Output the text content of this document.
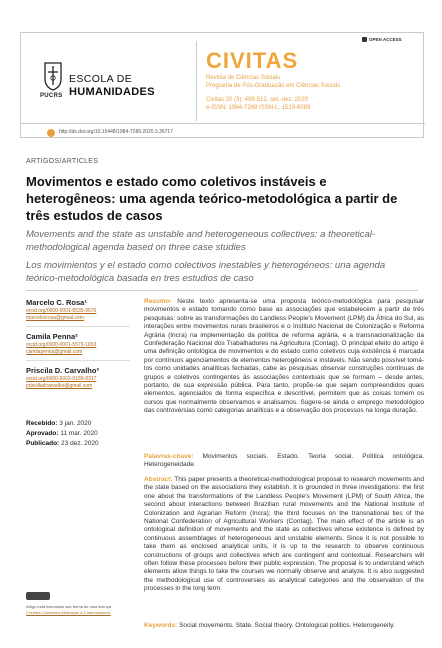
PUCRS
ESCOLA DE
HUMANIDADES
CIVITAS
Revista de Ciências Sociais
Programa de Pós-Graduação em Ciências Sociais
Civitas 20 (3): 499-512, set.-dez. 2020
e-ISSN: 1984-7289 ISSN-L: 1519-6089
http://dx.doi.org/10.15448/1984-7289.2020.3.36717
OPEN ACCESS
ARTIGOS/ARTICLES
Movimentos e estado como coletivos instáveis e heterogêneos: uma agenda teórico-metodológica a partir de três estudos de casos
Movements and the state as unstable and heterogeneous collectives: a theoretical-methodological agenda based on three case studies
Los movimientos y el estado como colectivos inestables y heterogéneos: una agenda teórico-metodológica basada en tres estudios de caso
Marcelo C. Rosa¹
orcid.org/0000-0001-8535-9570
marcelocrosa@gmail.com
Camila Penna²
orcid.org/0000-0001-5579-1653
camilapenna@gmail.com
Priscila D. Carvalho³
orcid.org/0000-0002-0189-8317
priscilladcarvalho@gmail.com
Recebido: 3 jan. 2020
Aprovado: 11 mar. 2020
Publicado: 23 dez. 2020
Resumo: Neste texto apresenta-se uma proposta teórico-metodológica para pesquisar movimentos e estado tomando como base as associações que estabelecem a partir de três pesquisas: sobre as transformações do Landless People's Movement (LPM) da África do Sul, as interações entre movimentos rurais brasileiros e o Instituto Nacional de Colonização e Reforma Agrária (Incra) na implementação da política de reforma agrária, e a transnacionalização da Confederação Nacional dos Trabalhadores na Agricultura (Contag). O principal efeito do artigo é uma definição ontológica de movimentos e do estado como coletivos cuja existência é marcada por contínuos agenciamentos de elementos heterogêneos e instáveis. Não sendo possível tomá-los como unidades analíticas fechadas, cabe às pesquisas observar construções contínuas de grupos e coletivos contingentes às associações contextuais que se formam – desde antes, portanto, de sua expressão pública. Para tanto, propõe-se que sejam compreendidos quais elementos, agenciados de forma específica e descritível, permitem que as coisas tomem os cursos que normalmente observamos e analisamos. Sugere-se ainda o emprego metodológico das controvérsias como categorias analíticas e a observação dos processos na longa duração.
Palavras-chave: Movimentos sociais. Estado. Teoria social. Política ontológica. Heterogeneidade.
Abstract: This paper presents a theoretical-methodological proposal to research movements and the state based on the associations they establish. It is grounded in three investigations: the first one about the transformations of the Landless People's Movement (LPM) of South Africa, the second about interactions between Brazilian rural movements and the National Institute of Colonization and Agrarian Reform (Incra); the third focuses on the transnational ties of the National Confederation of Agricultural Workers (Contag). The main effect of the article is an ontological definition of movements and the state as collectives whose existence is defined by continuous assemblages of heterogeneous and unstable elements. Since it is not possible to take them as enclosed analytical units, it is up to the research to observe continuous constructions of groups and collectives which are contingent and contextual. Researchers will often follow these processes before their public expression. The proposal is to understand which elements allow things to take the courses we normally observe and analyze. It is also suggested the methodological use of controversies as analytical categories and the observation of the processes in the long term.
Keywords: Social movements. State. Social theory. Ontological politics. Heterogeneity.
Artigo está licenciado sob forma de uma licença
Creative Commons Atribuição 4.0 Internacional.
